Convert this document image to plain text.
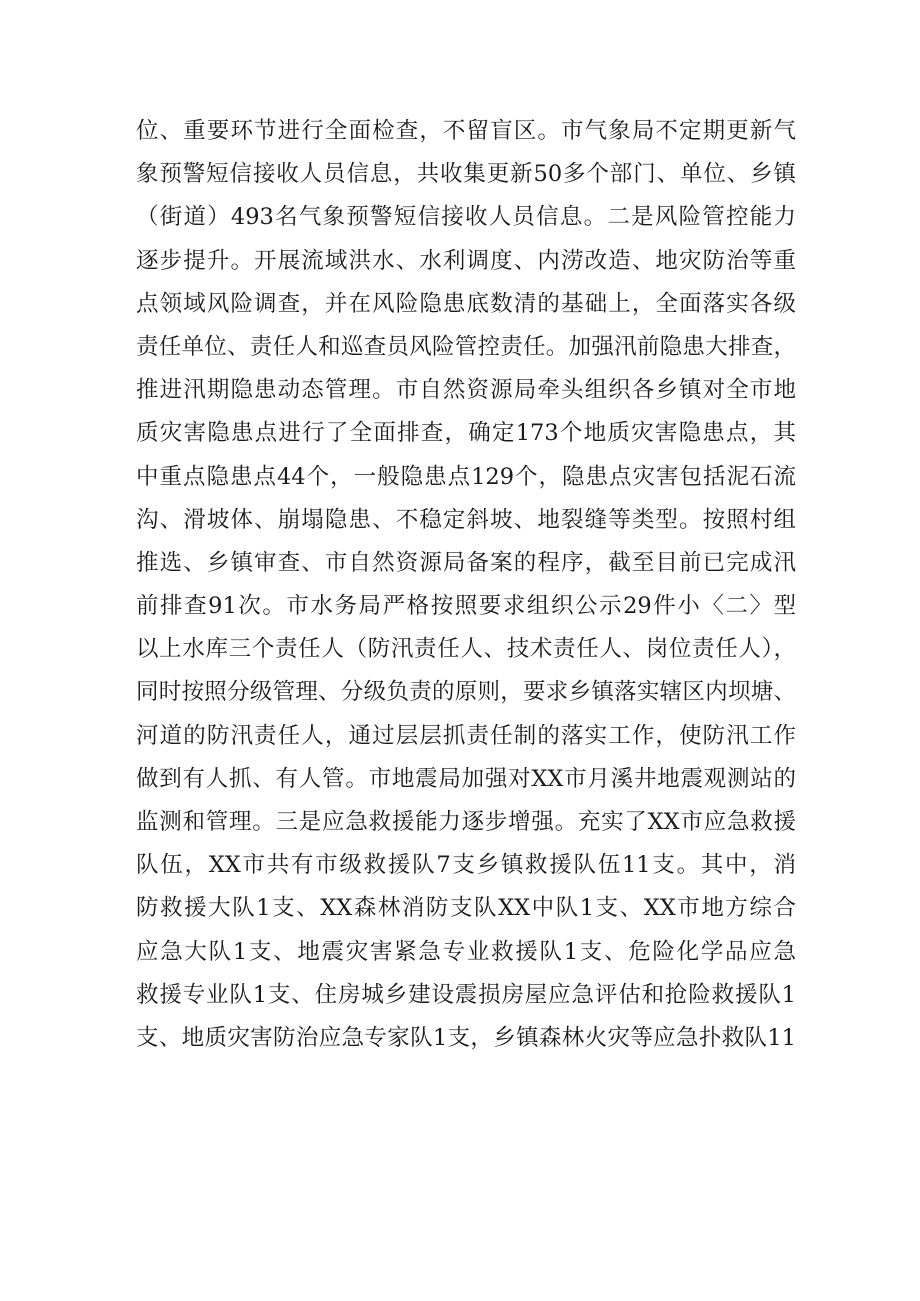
位、重要环节进行全面检查，不留盲区。市气象局不定期更新气
象预警短信接收人员信息，共收集更新50多个部门、单位、乡镇
（街道）493名气象预警短信接收人员信息。二是风险管控能力
逐步提升。开展流域洪水、水利调度、内涝改造、地灾防治等重
点领域风险调查，并在风险隐患底数清的基础上，全面落实各级
责任单位、责任人和巡查员风险管控责任。加强汛前隐患大排查，
推进汛期隐患动态管理。市自然资源局牵头组织各乡镇对全市地
质灾害隐患点进行了全面排查，确定173个地质灾害隐患点，其
中重点隐患点44个，一般隐患点129个，隐患点灾害包括泥石流
沟、滑坡体、崩塌隐患、不稳定斜坡、地裂缝等类型。按照村组
推选、乡镇审查、市自然资源局备案的程序，截至目前已完成汛
前排查91次。市水务局严格按照要求组织公示29件小〈二〉型
以上水库三个责任人（防汛责任人、技术责任人、岗位责任人），
同时按照分级管理、分级负责的原则，要求乡镇落实辖区内坝塘、
河道的防汛责任人，通过层层抓责任制的落实工作，使防汛工作
做到有人抓、有人管。市地震局加强对XX市月溪井地震观测站的
监测和管理。三是应急救援能力逐步增强。充实了XX市应急救援
队伍，XX市共有市级救援队7支乡镇救援队伍11支。其中，消
防救援大队1支、XX森林消防支队XX中队1支、XX市地方综合
应急大队1支、地震灾害紧急专业救援队1支、危险化学品应急
救援专业队1支、住房城乡建设震损房屋应急评估和抢险救援队1
支、地质灾害防治应急专家队1支，乡镇森林火灾等应急扑救队11
